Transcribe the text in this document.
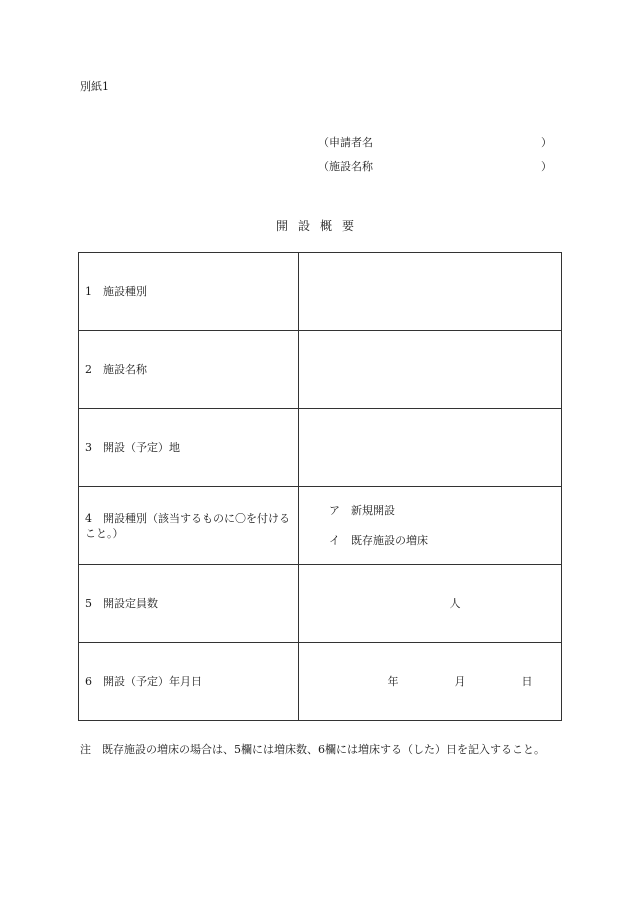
別紙1
（申請者名	）
（施設名称	）
開設概要
1 施設種別	
2 施設名称	
3 開設（予定）地	
4 開設種別（該当するものに〇を付けること。）	ア 新規開設
イ 既存施設の増床

5 開設定員数	人

6 開設（予定）年月日	年 月 日
注 既存施設の増床の場合は、5欄には増床数、6欄には増床する（した）日を記入すること。
